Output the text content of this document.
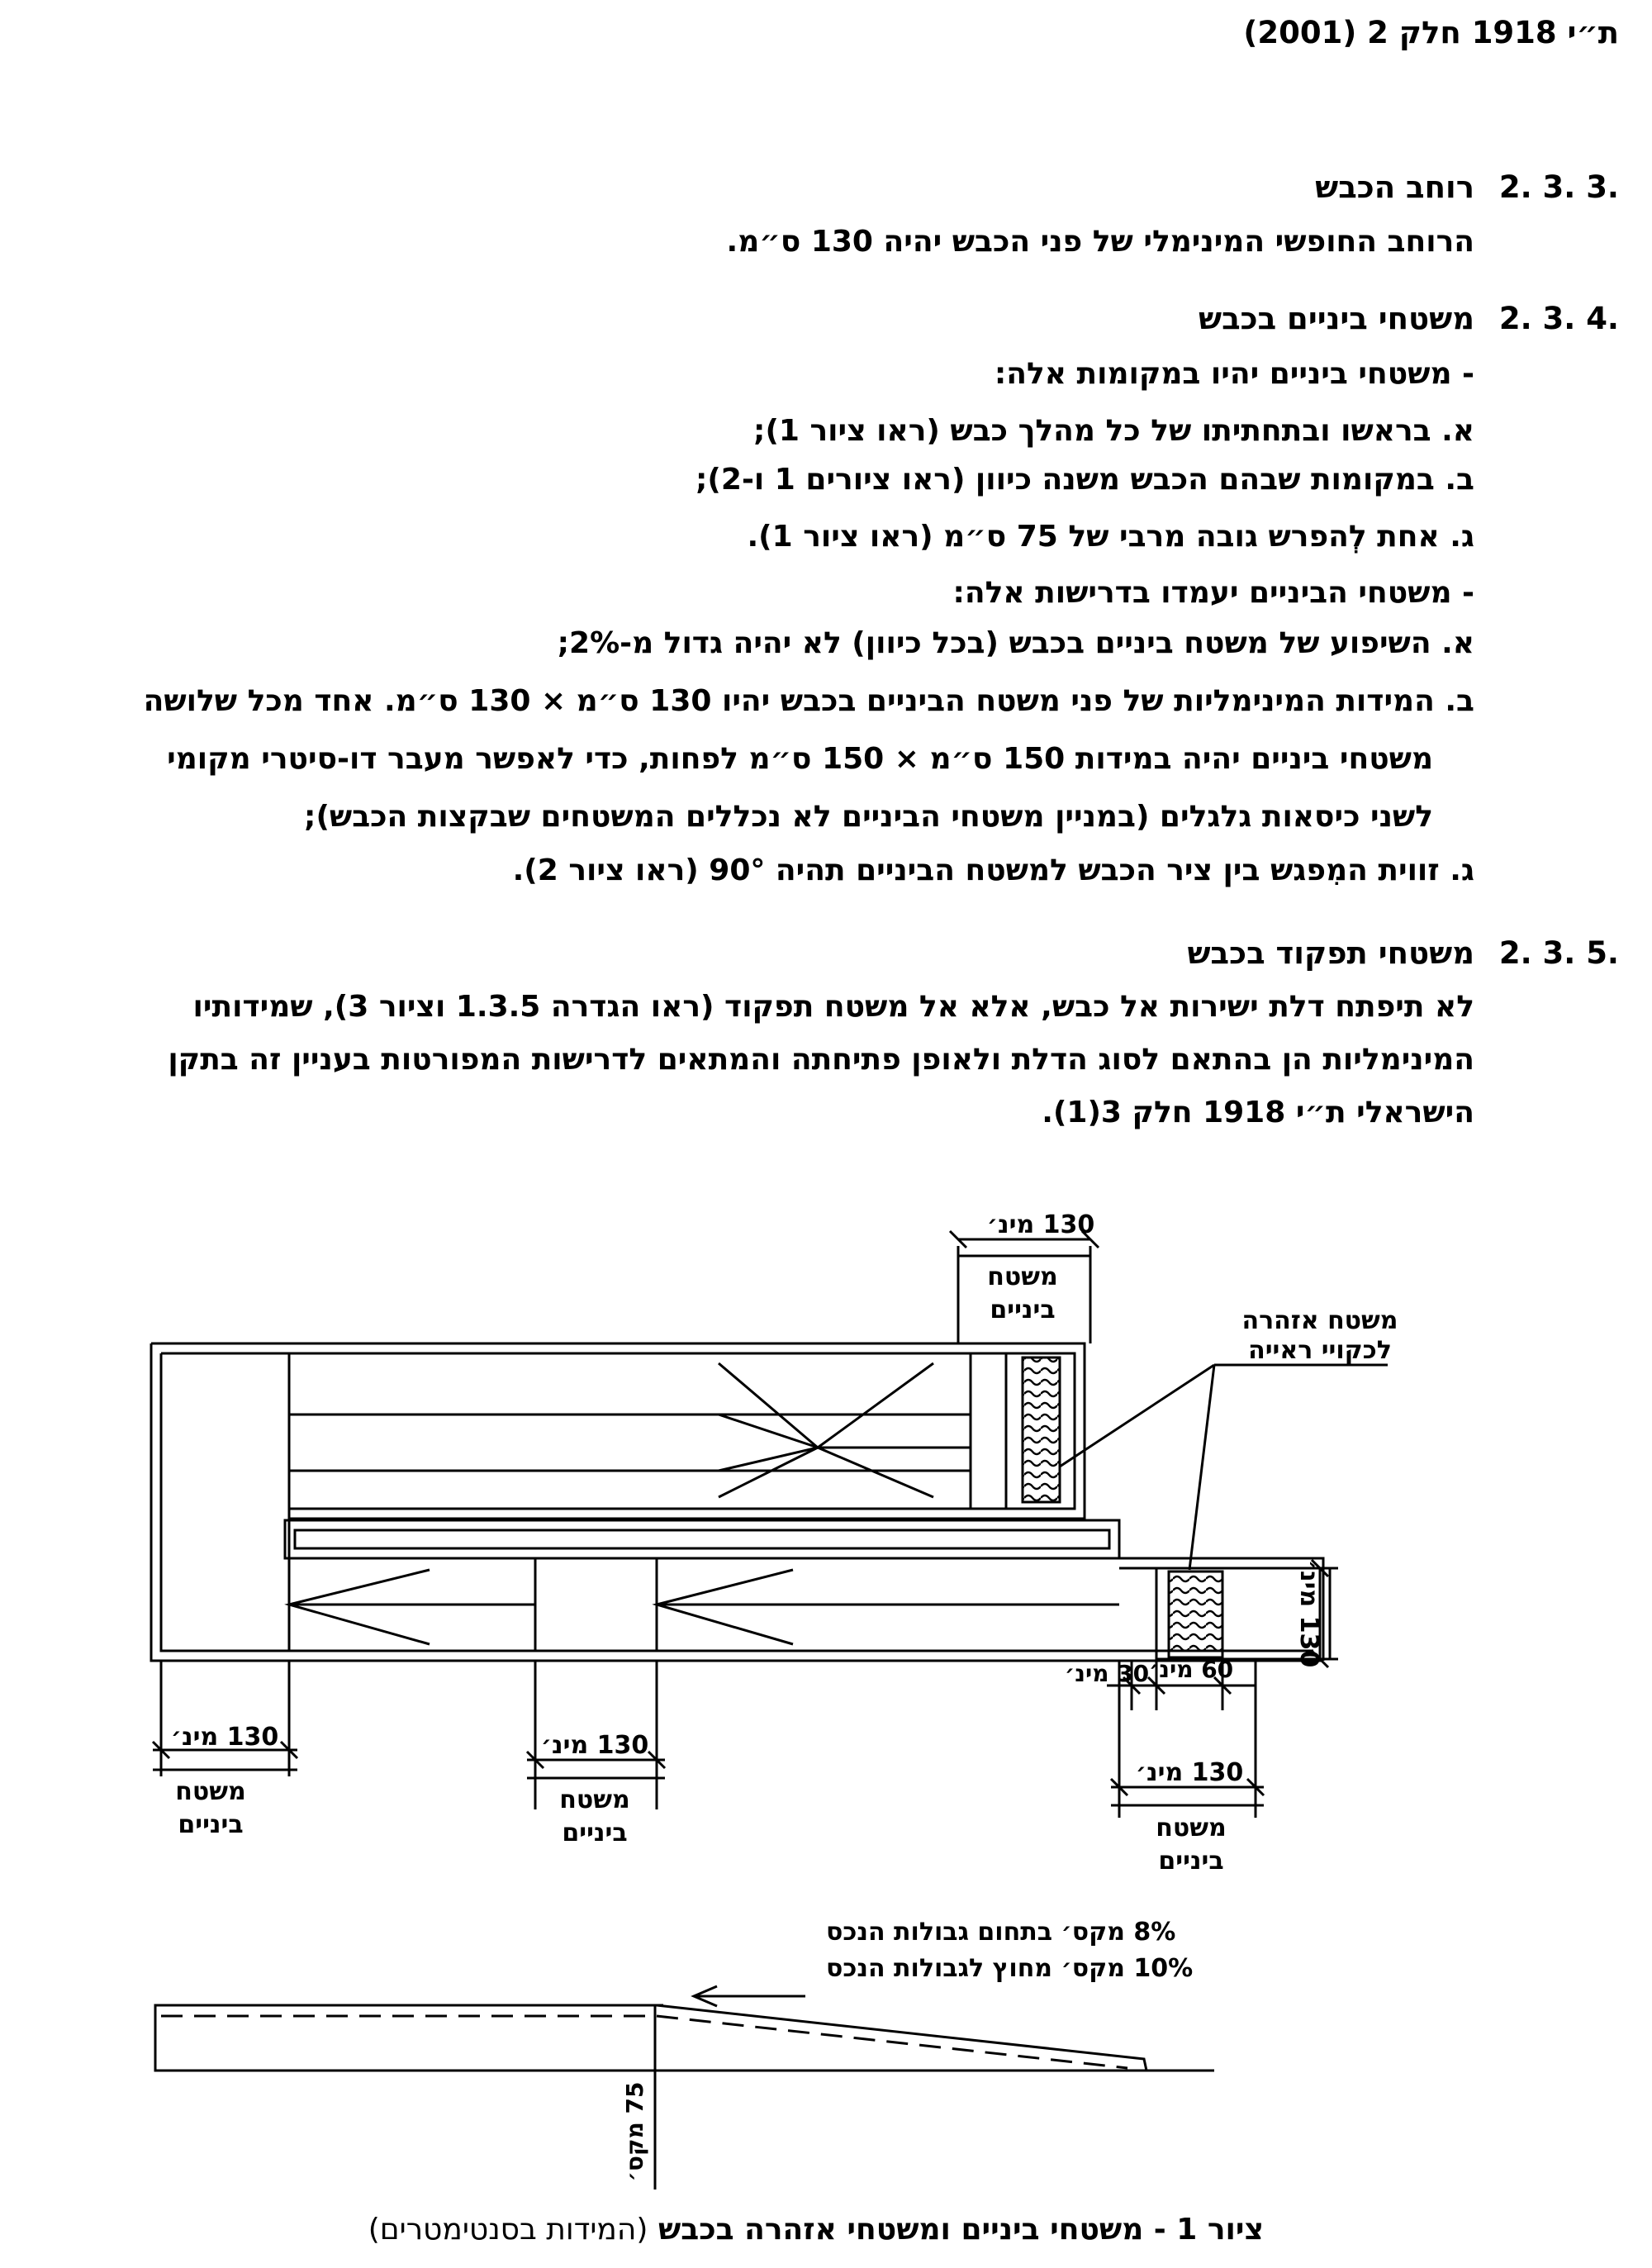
ת״י 1918 חלק 2 (2001)
2. 3. 3.
רוחב הכבש
הרוחב החופשי המינימלי של פני הכבש יהיה 130 ס״מ.
2. 3. 4.
משטחי ביניים בכבש
- משטחי ביניים יהיו במקומות אלה:
א. בראשו ובתחתיתו של כל מהלך כבש (ראו ציור 1);
ב. במקומות שבהם הכבש משנה כיוון (ראו ציורים 1 ו-2);
ג. אחת לְהפרש גובה מרבי של 75 ס״מ (ראו ציור 1).
- משטחי הביניים יעמדו בדרישות אלה:
א. השיפוע של משטח ביניים בכבש (בכל כיוון) לא יהיה גדול מ-2%;
ב. המידות המינימליות של פני משטח הביניים בכבש יהיו 130 ס״מ × 130 ס״מ. אחד מכל שלושה
משטחי ביניים יהיה במידות 150 ס״מ × 150 ס״מ לפחות, כדי לאפשר מעבר דו-סיטרי מקומי
לשני כיסאות גלגלים (במניין משטחי הביניים לא נכללים המשטחים שבקצות הכבש);
ג. זווית המִפגש בין ציר הכבש למשטח הביניים תהיה 90° (ראו ציור 2).
2. 3. 5.
משטחי תפקוד בכבש
לא תיפתח דלת ישירות אל כבש, אלא אל משטח תפקוד (ראו הגדרה 1.3.5 וציור 3), שמידותיו
המינימליות הן בהתאם לסוג הדלת ולאופן פתיחתה והמתאים לדרישות המפורטות בעניין זה בתקן
הישראלי ת״י 1918 חלק 3(1).
130 מינ׳
משטח
ביניים	משטח אזהרה
לכקויי ראייה
130 מינ׳
30 מינ׳ 60 מינ׳
130 מינ׳
משטח
ביניים
130 מינ׳
משטח
ביניים
130 מינ׳
משטח
ביניים
8% מקס׳ בתחום גבולות הנכס
10% מקס׳ מחוץ לגבולות הנכס
75 מקס׳
ציור 1 - משטחי ביניים ומשטחי אזהרה בכבש (המידות בסנטימטרים)
